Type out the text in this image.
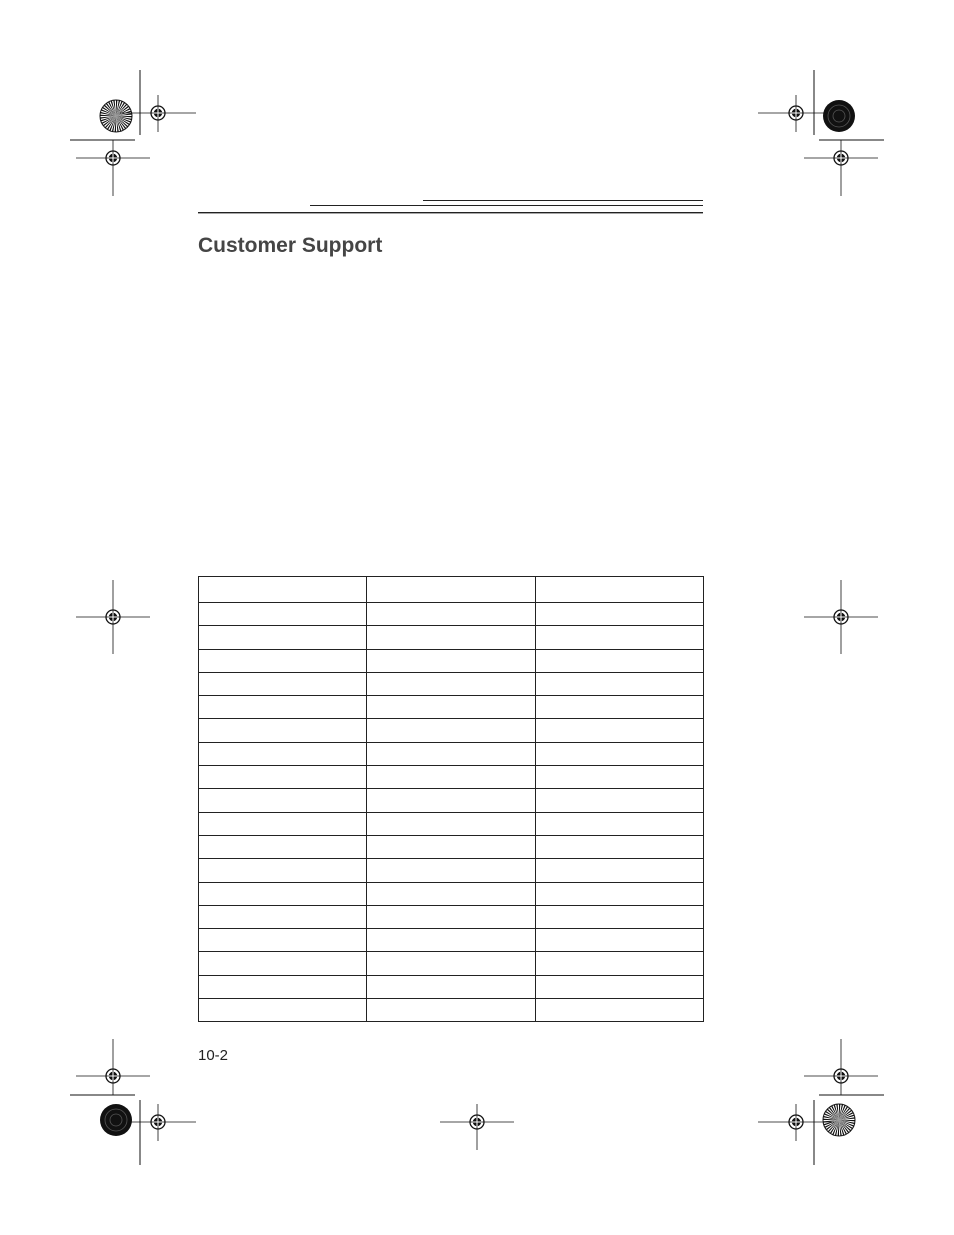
Customer Support

10-2
